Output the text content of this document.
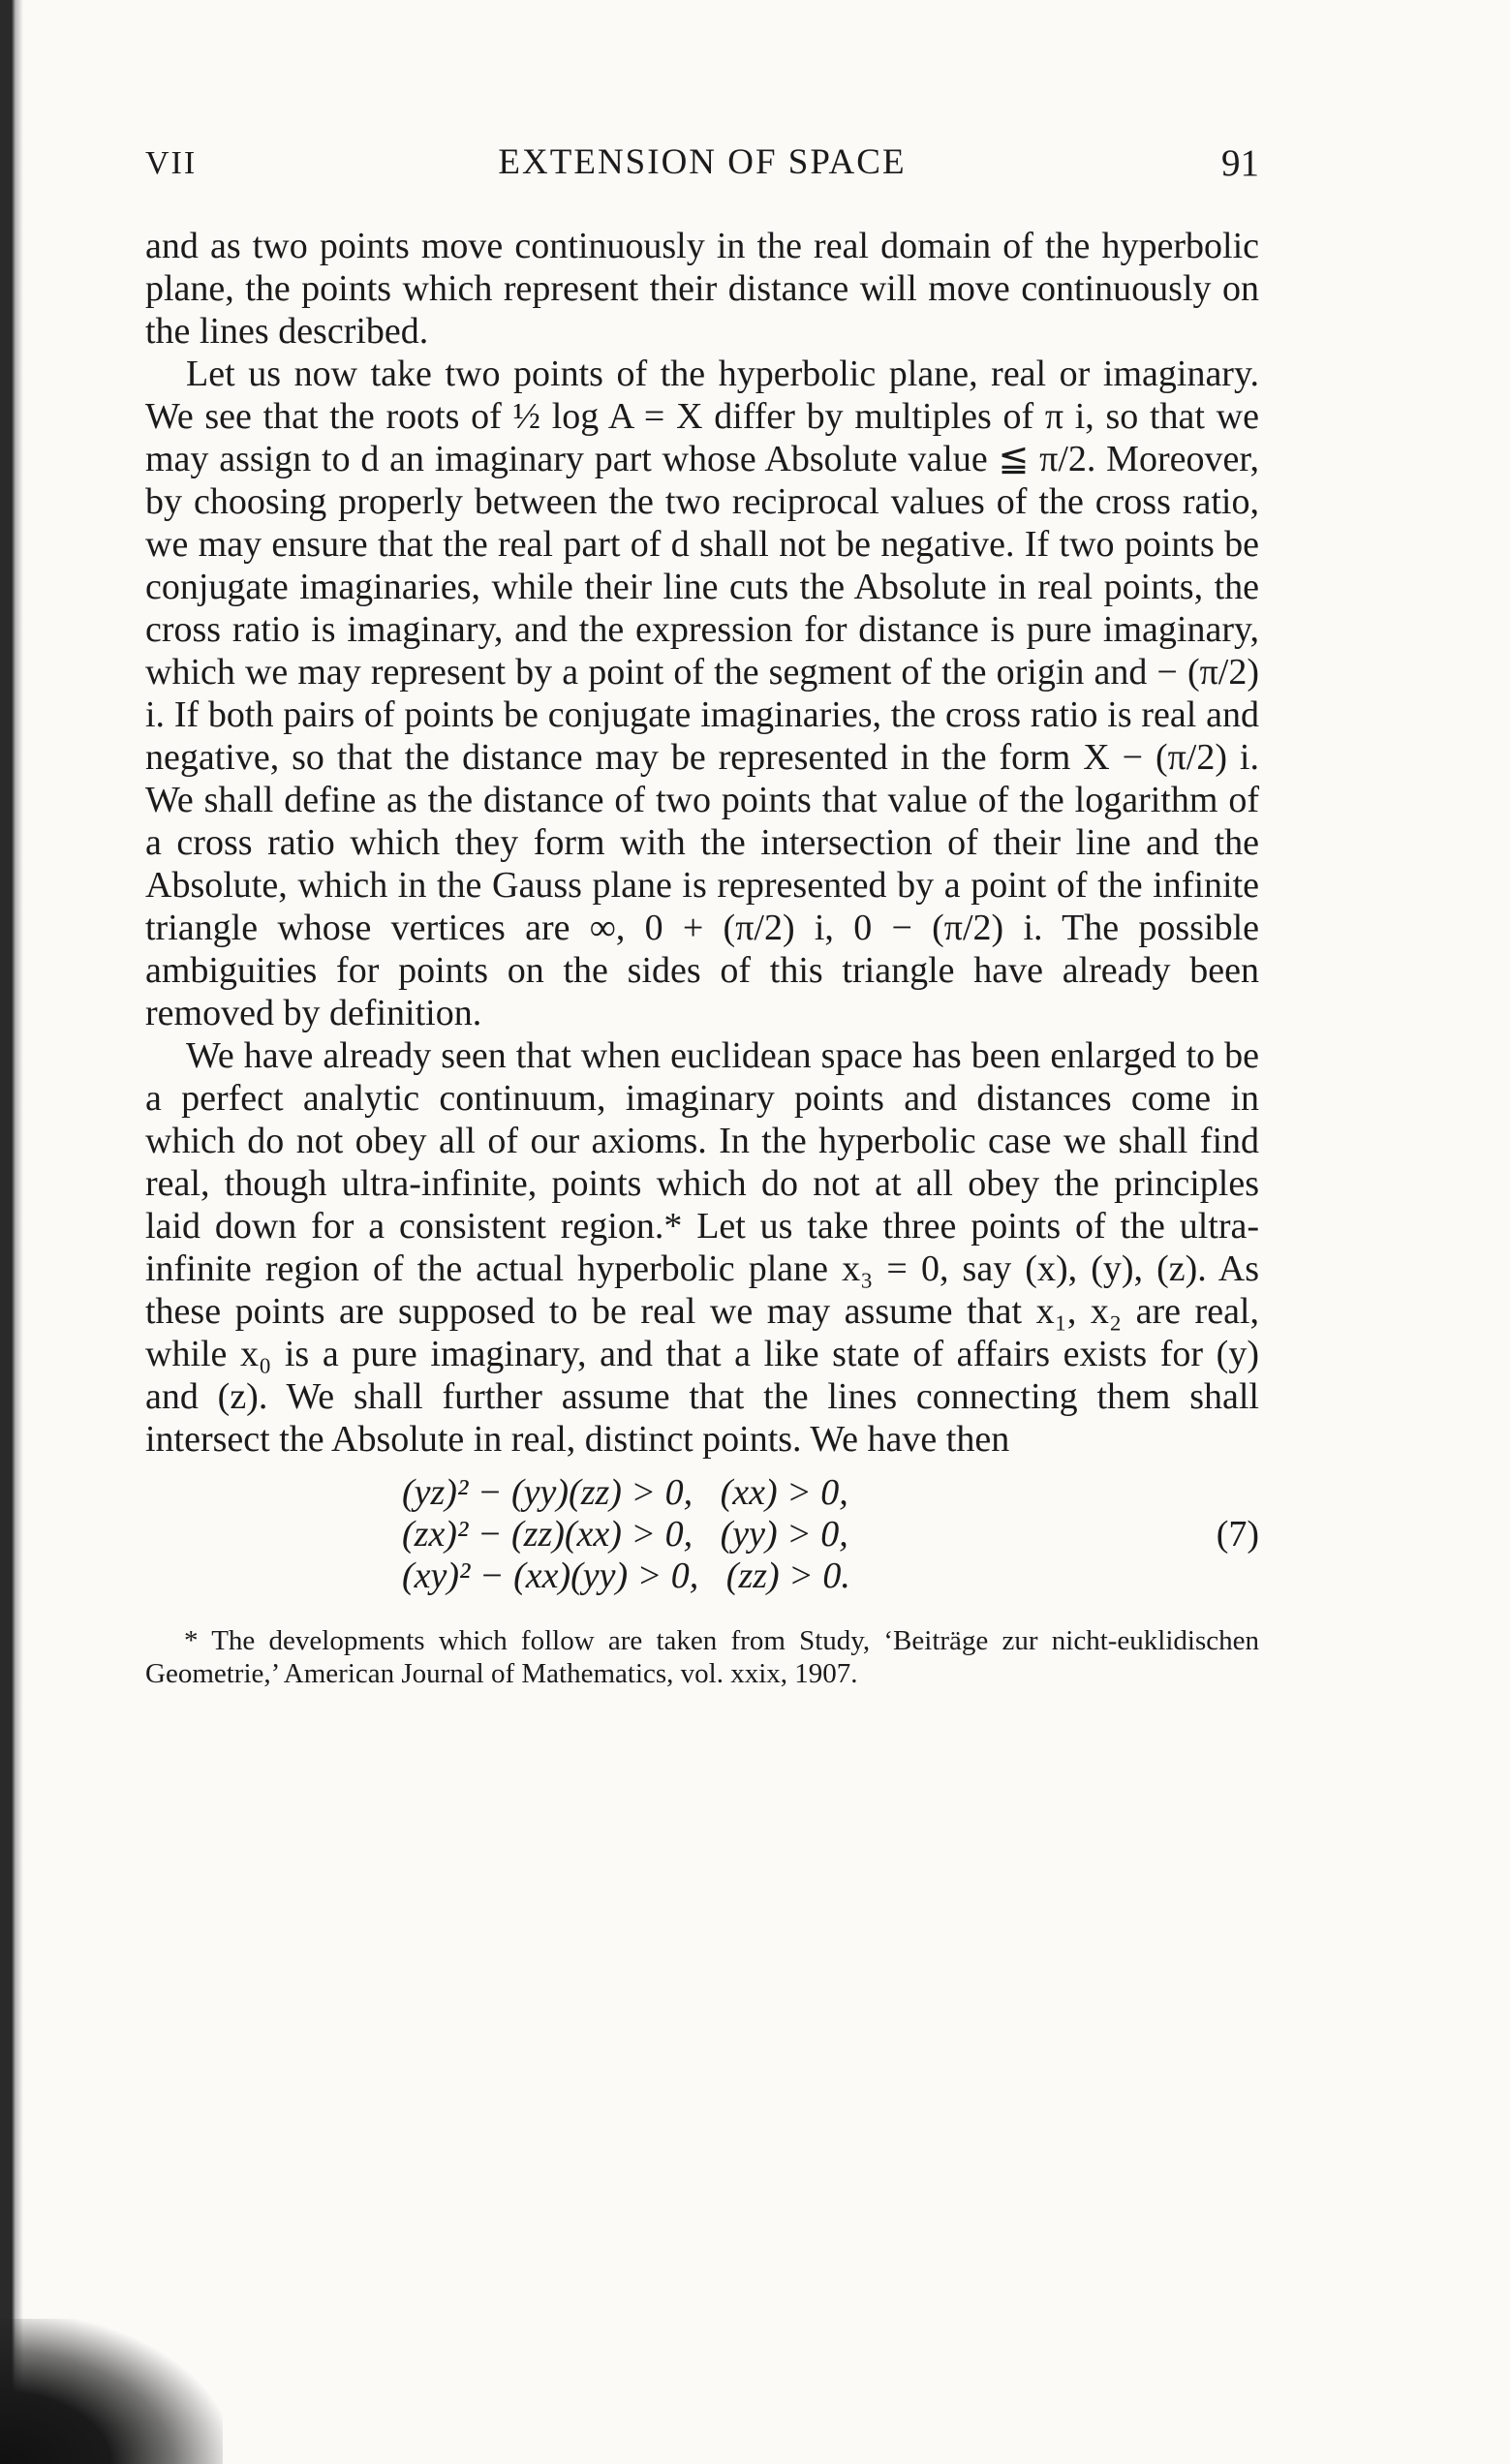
VII	EXTENSION OF SPACE	91

and as two points move continuously in the real domain of the hyperbolic plane, the points which represent their distance will move continuously on the lines described.

Let us now take two points of the hyperbolic plane, real or imaginary. We see that the roots of ½ log A = X differ by multiples of π i, so that we may assign to d an imaginary part whose Absolute value ≦ π/2. Moreover, by choosing properly between the two reciprocal values of the cross ratio, we may ensure that the real part of d shall not be negative. If two points be conjugate imaginaries, while their line cuts the Absolute in real points, the cross ratio is imaginary, and the expression for distance is pure imaginary, which we may represent by a point of the segment of the origin and − (π/2) i. If both pairs of points be conjugate imaginaries, the cross ratio is real and negative, so that the distance may be represented in the form X − (π/2) i. We shall define as the distance of two points that value of the logarithm of a cross ratio which they form with the intersection of their line and the Absolute, which in the Gauss plane is represented by a point of the infinite triangle whose vertices are ∞, 0 + (π/2) i, 0 − (π/2) i. The possible ambiguities for points on the sides of this triangle have already been removed by definition.

We have already seen that when euclidean space has been enlarged to be a perfect analytic continuum, imaginary points and distances come in which do not obey all of our axioms. In the hyperbolic case we shall find real, though ultra-infinite, points which do not at all obey the principles laid down for a consistent region.* Let us take three points of the ultra-infinite region of the actual hyperbolic plane x₃ = 0, say (x), (y), (z). As these points are supposed to be real we may assume that x₁, x₂ are real, while x₀ is a pure imaginary, and that a like state of affairs exists for (y) and (z). We shall further assume that the lines connecting them shall intersect the Absolute in real, distinct points. We have then

(yz)² − (yy)(zz) > 0,   (xx) > 0,
(zx)² − (zz)(xx) > 0,   (yy) > 0,
(xy)² − (xx)(yy) > 0,   (zz) > 0.
(7)
* The developments which follow are taken from Study, ‘Beiträge zur nicht-euklidischen Geometrie,’ American Journal of Mathematics, vol. xxix, 1907.
